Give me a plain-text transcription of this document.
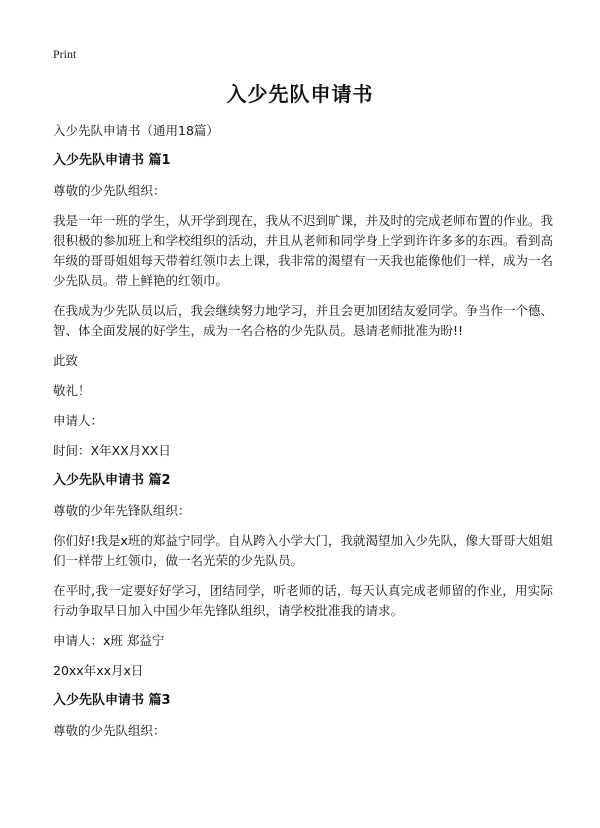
Print
入少先队申请书

入少先队申请书（通用18篇）

入少先队申请书 篇1

尊敬的少先队组织：

我是一年一班的学生，从开学到现在，我从不迟到旷课，并及时的完成老师布置的作业。我很积极的参加班上和学校组织的活动，并且从老师和同学身上学到许许多多的东西。看到高年级的哥哥姐姐每天带着红领巾去上课，我非常的渴望有一天我也能像他们一样，成为一名少先队员。带上鲜艳的红领巾。

在我成为少先队员以后，我会继续努力地学习，并且会更加团结友爱同学。争当作一个德、智、体全面发展的好学生，成为一名合格的少先队员。恳请老师批准为盼!!

此致

敬礼！

申请人：

时间：X年XX月XX日

入少先队申请书 篇2

尊敬的少年先锋队组织：

你们好!我是x班的郑益宁同学。自从跨入小学大门，我就渴望加入少先队，像大哥哥大姐姐们一样带上红领巾，做一名光荣的少先队员。

在平时,我一定要好好学习，团结同学，听老师的话，每天认真完成老师留的作业，用实际行动争取早日加入中国少年先锋队组织，请学校批准我的请求。

申请人：x班 郑益宁

20xx年xx月x日

入少先队申请书 篇3

尊敬的少先队组织：
